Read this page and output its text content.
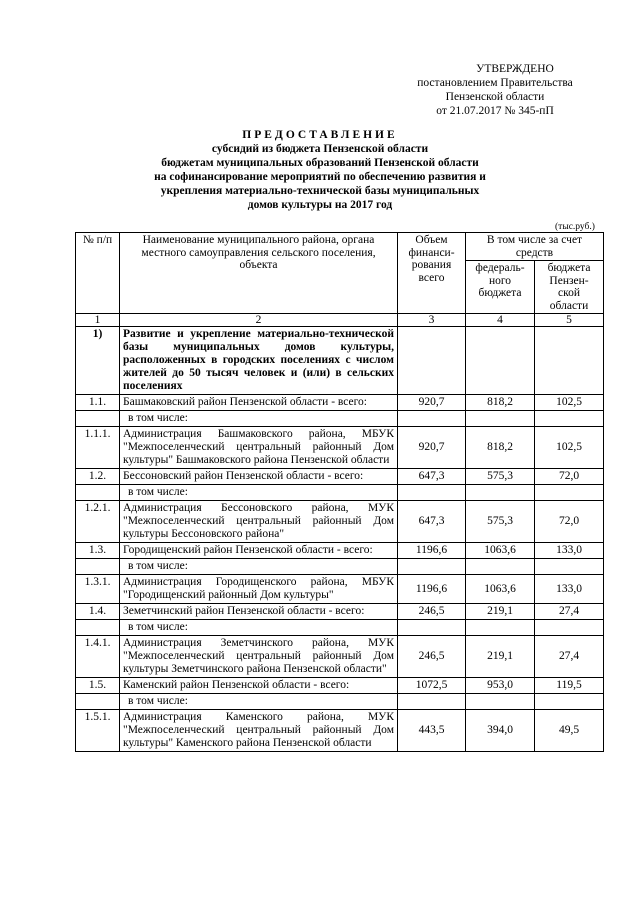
УТВЕРЖДЕНО
постановлением Правительства
Пензенской области
от 21.07.2017 № 345-пП
ПРЕДОСТАВЛЕНИЕ
субсидий из бюджета Пензенской области
бюджетам муниципальных образований Пензенской области
на софинансирование мероприятий по обеспечению развития и
укрепления материально-технической базы муниципальных
домов культуры на 2017 год
(тыс.руб.)
№ п/п	Наименование муниципального района, органа местного самоуправления сельского поселения, объекта	Объем финанси- рования всего	В том числе за счет средств	
			федераль- ного бюджета	бюджета Пензен- ской области
1	2	3	4	5
1)	Развитие и укрепление материально-технической базы муниципальных домов культуры, расположенных в городских поселениях с числом жителей до 50 тысяч человек и (или) в сельских поселениях			
1.1.	Башмаковский район Пензенской области - всего:	920,7	818,2	102,5
	в том числе:			
1.1.1.	Администрация Башмаковского района, МБУК "Межпоселенческий центральный районный Дом культуры" Башмаковского района Пензенской области	920,7	818,2	102,5
1.2.	Бессоновский район Пензенской области - всего:	647,3	575,3	72,0
	в том числе:			
1.2.1.	Администрация Бессоновского района, МУК "Межпоселенческий центральный районный Дом культуры Бессоновского района"	647,3	575,3	72,0
1.3.	Городищенский район Пензенской области - всего:	1196,6	1063,6	133,0
	в том числе:			
1.3.1.	Администрация Городищенского района, МБУК "Городищенский районный Дом культуры"	1196,6	1063,6	133,0
1.4.	Земетчинский район Пензенской области - всего:	246,5	219,1	27,4
	в том числе:			
1.4.1.	Администрация Земетчинского района, МУК "Межпоселенческий центральный районный Дом культуры Земетчинского района Пензенской области"	246,5	219,1	27,4
1.5.	Каменский район Пензенской области - всего:	1072,5	953,0	119,5
	в том числе:			
1.5.1.	Администрация Каменского района, МУК "Межпоселенческий центральный районный Дом культуры" Каменского района Пензенской области	443,5	394,0	49,5
